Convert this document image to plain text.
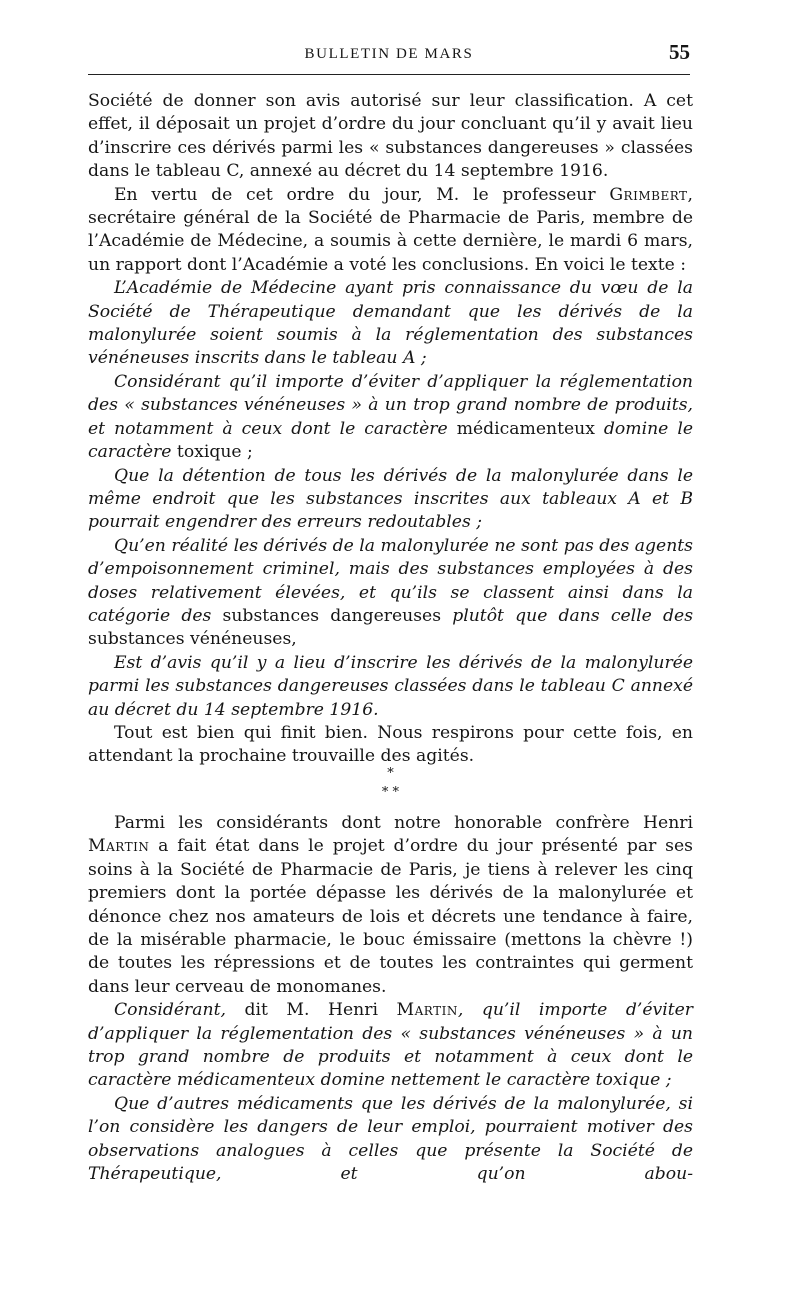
BULLETIN DE MARS	55

Société de donner son avis autorisé sur leur classification. A cet effet, il déposait un projet d’ordre du jour concluant qu’il y avait lieu d’inscrire ces dérivés parmi les « substances dangereuses » classées dans le tableau C, annexé au décret du 14 septembre 1916.

En vertu de cet ordre du jour, M. le professeur Grimbert, secrétaire général de la Société de Pharmacie de Paris, membre de l’Académie de Médecine, a soumis à cette dernière, le mardi 6 mars, un rapport dont l’Académie a voté les conclusions. En voici le texte :

L’Académie de Médecine ayant pris connaissance du vœu de la Société de Thérapeutique demandant que les dérivés de la malonylurée soient soumis à la réglementation des substances vénéneuses inscrits dans le tableau A ;

Considérant qu’il importe d’éviter d’appliquer la réglementation des « substances vénéneuses » à un trop grand nombre de produits, et notamment à ceux dont le caractère médicamenteux domine le caractère toxique ;

Que la détention de tous les dérivés de la malonylurée dans le même endroit que les substances inscrites aux tableaux A et B pourrait engendrer des erreurs redoutables ;

Qu’en réalité les dérivés de la malonylurée ne sont pas des agents d’empoisonnement criminel, mais des substances employées à des doses relativement élevées, et qu’ils se classent ainsi dans la catégorie des substances dangereuses plutôt que dans celle des substances vénéneuses,

Est d’avis qu’il y a lieu d’inscrire les dérivés de la malonylurée parmi les substances dangereuses classées dans le tableau C annexé au décret du 14 septembre 1916.

Tout est bien qui finit bien. Nous respirons pour cette fois, en attendant la prochaine trouvaille des agités.

*
* *

Parmi les considérants dont notre honorable confrère Henri Martin a fait état dans le projet d’ordre du jour présenté par ses soins à la Société de Pharmacie de Paris, je tiens à relever les cinq premiers dont la portée dépasse les dérivés de la malonylurée et dénonce chez nos amateurs de lois et décrets une tendance à faire, de la misérable pharmacie, le bouc émissaire (mettons la chèvre !) de toutes les répressions et de toutes les contraintes qui germent dans leur cerveau de monomanes.

Considérant, dit M. Henri Martin, qu’il importe d’éviter d’appliquer la réglementation des « substances vénéneuses » à un trop grand nombre de produits et notamment à ceux dont le caractère médicamenteux domine nettement le caractère toxique ;

Que d’autres médicaments que les dérivés de la malonylurée, si l’on considère les dangers de leur emploi, pourraient motiver des observations analogues à celles que présente la Société de Thérapeutique, et qu’on abou-
